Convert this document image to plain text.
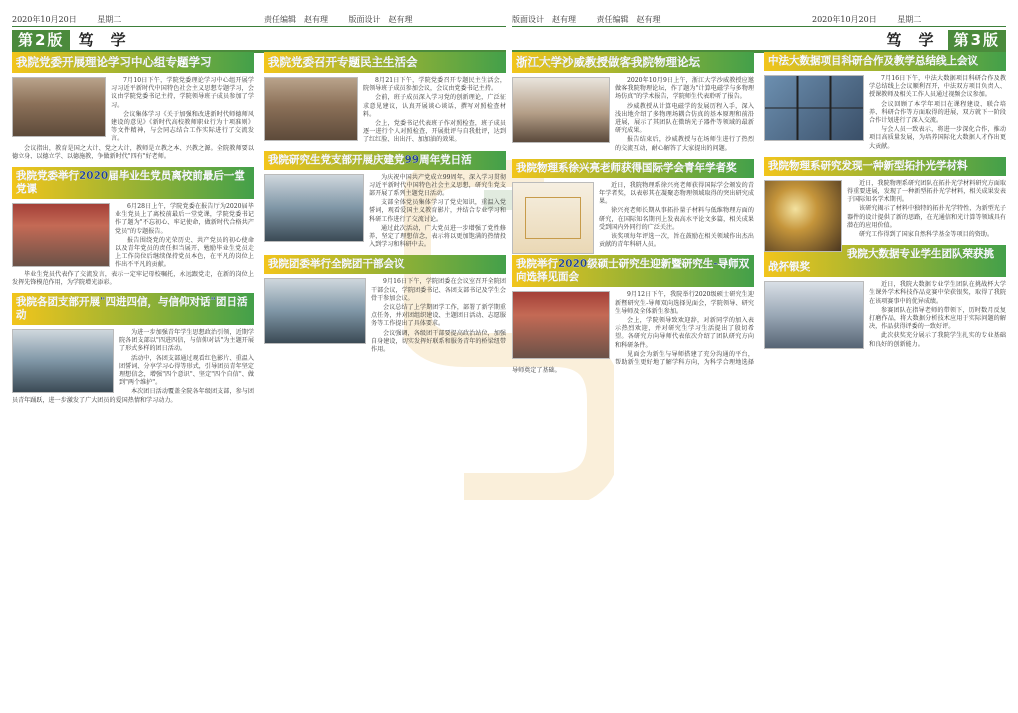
2020年10月20日	星期二	责任编辑　赵有理	版面设计　赵有理
第2版 笃 学
我院党委开展理论学习中心组专题学习

7月10日下午，学院党委理论学习中心组开展学习习近平新时代中国特色社会主义思想专题学习，会议由学院党委书记主持，学院领导班子成员参加了学习。

会议集体学习《关于加强和改进新时代师德师风建设的意见》《新时代高校教师职业行为十项准则》等文件精神，与会同志结合工作实际进行了交流发言。

会议指出，教育是国之大计、党之大计，教师是立教之本、兴教之源。全院教师要以德立身、以德立学、以德施教，争做新时代"四有"好老师。

我院党委举行2020届毕业生党员离校前最后一堂党课

6月28日上午，学院党委在报告厅为2020届毕业生党员上了离校前最后一堂党课，学院党委书记作了题为"不忘初心、牢记使命，做新时代合格共产党员"的专题报告。

报告围绕党的光荣历史、共产党员的初心使命以及青年党员的责任担当展开，勉励毕业生党员走上工作岗位后继续保持党员本色，在平凡的岗位上作出不平凡的贡献。

毕业生党员代表作了交流发言，表示一定牢记母校嘱托，永远跟党走，在新的岗位上发挥先锋模范作用，为学院增光添彩。

我院各团支部开展"四进四信，与信仰对话"团日活动

为进一步加强青年学生思想政治引领，近期学院各团支部以"四进四信，与信仰对话"为主题开展了形式多样的团日活动。

活动中，各团支部通过观看红色影片、重温入团誓词、分享学习心得等形式，引导团员青年坚定理想信念，增强"四个意识"、坚定"四个自信"、做到"两个维护"。

本次团日活动覆盖全院各年级团支部，参与团员青年踊跃，进一步激发了广大团员的爱国热情和学习动力。

我院党委召开专题民主生活会

8月21日下午，学院党委召开专题民主生活会，院领导班子成员参加会议，会议由党委书记主持。

会前，班子成员深入学习党的创新理论，广泛征求意见建议，认真开展谈心谈话，撰写对照检查材料。

会上，党委书记代表班子作对照检查，班子成员逐一进行个人对照检查，开展批评与自我批评，达到了红红脸、出出汗、加加油的效果。

我院研究生党支部开展庆建党99周年党日活

为庆祝中国共产党成立99周年，深入学习贯彻习近平新时代中国特色社会主义思想，研究生党支部开展了系列主题党日活动。

支部全体党员集体学习了党史知识，重温入党誓词，观看爱国主义教育影片，并结合专业学习和科研工作进行了交流讨论。

通过此次活动，广大党员进一步增强了党性修养，坚定了理想信念，表示将以更加饱满的热情投入到学习和科研中去。

我院团委举行全院团干部会议

9月16日下午，学院团委在会议室召开全院团干部会议，学院团委书记、各团支部书记及学生会骨干参加会议。

会议总结了上学期团学工作，部署了新学期重点任务，并对团组织建设、主题团日活动、志愿服务等工作提出了具体要求。

会议强调，各级团干部要提高政治站位，加强自身建设，切实发挥好联系和服务青年的桥梁纽带作用。

版面设计　赵有理	责任编辑　赵有理	2020年10月20日	星期二
笃 学 第3版
浙江大学沙威教授做客我院物理论坛

2020年10月9日上午，浙江大学沙威教授应邀做客我院物理论坛，作了题为"计算电磁学与多物理场仿真"的学术报告，学院师生代表聆听了报告。

沙威教授从计算电磁学的发展历程入手，深入浅出地介绍了多物理场耦合仿真的基本原理和前沿进展，展示了其团队在微纳光子器件等领域的最新研究成果。

报告结束后，沙威教授与在场师生进行了热烈的交流互动，耐心解答了大家提出的问题。

我院物理系徐兴亮老师获得国际学会青年学者奖

近日，我院物理系徐兴亮老师获得国际学会颁发的青年学者奖，以表彰其在凝聚态物理领域取得的突出研究成果。

徐兴亮老师长期从事拓扑量子材料与低维物理方面的研究，在国际知名期刊上发表高水平论文多篇，相关成果受到国内外同行的广泛关注。

该奖项每年评选一次，旨在鼓励在相关领域作出杰出贡献的青年科研人员。

我院举行2020级硕士研究生迎新暨研究生-导师双向选择见面会

9月12日下午，我院举行2020级硕士研究生迎新暨研究生-导师双向选择见面会，学院领导、研究生导师及全体新生参加。

会上，学院领导致欢迎辞，对新同学的加入表示热烈欢迎，并对研究生学习生活提出了殷切希望。各研究方向导师代表依次介绍了团队研究方向和科研条件。

见面会为新生与导师搭建了充分沟通的平台，帮助新生更好地了解学科方向，为科学合理地选择导师奠定了基础。

中法大数据项目科研合作及教学总结线上会议

7月16日下午，中法大数据项目科研合作及教学总结线上会议顺利召开，中法双方项目负责人、授课教师及相关工作人员通过视频会议参加。

会议回顾了本学年项目在课程建设、联合培养、科研合作等方面取得的进展，双方就下一阶段合作计划进行了深入交流。

与会人员一致表示，将进一步深化合作，推动项目高质量发展，为培养国际化大数据人才作出更大贡献。

我院物理系研究发现一种新型拓扑光学材料

近日，我院物理系研究团队在拓扑光学材料研究方面取得重要进展，发现了一种新型拓扑光学材料，相关成果发表于国际知名学术期刊。

该研究揭示了材料中独特的拓扑光学特性，为新型光子器件的设计提供了新的思路，在光通信和光计算等领域具有潜在的应用价值。

研究工作得到了国家自然科学基金等项目的资助。

我院大数据专业学生团队荣获挑战杯银奖

近日，我院大数据专业学生团队在挑战杯大学生课外学术科技作品竞赛中荣获银奖，取得了我院在该项赛事中的优异成绩。

参赛团队在指导老师的带领下，历时数月反复打磨作品，将大数据分析技术应用于实际问题的解决，作品获得评委的一致好评。

此次获奖充分展示了我院学生扎实的专业基础和良好的创新能力。
